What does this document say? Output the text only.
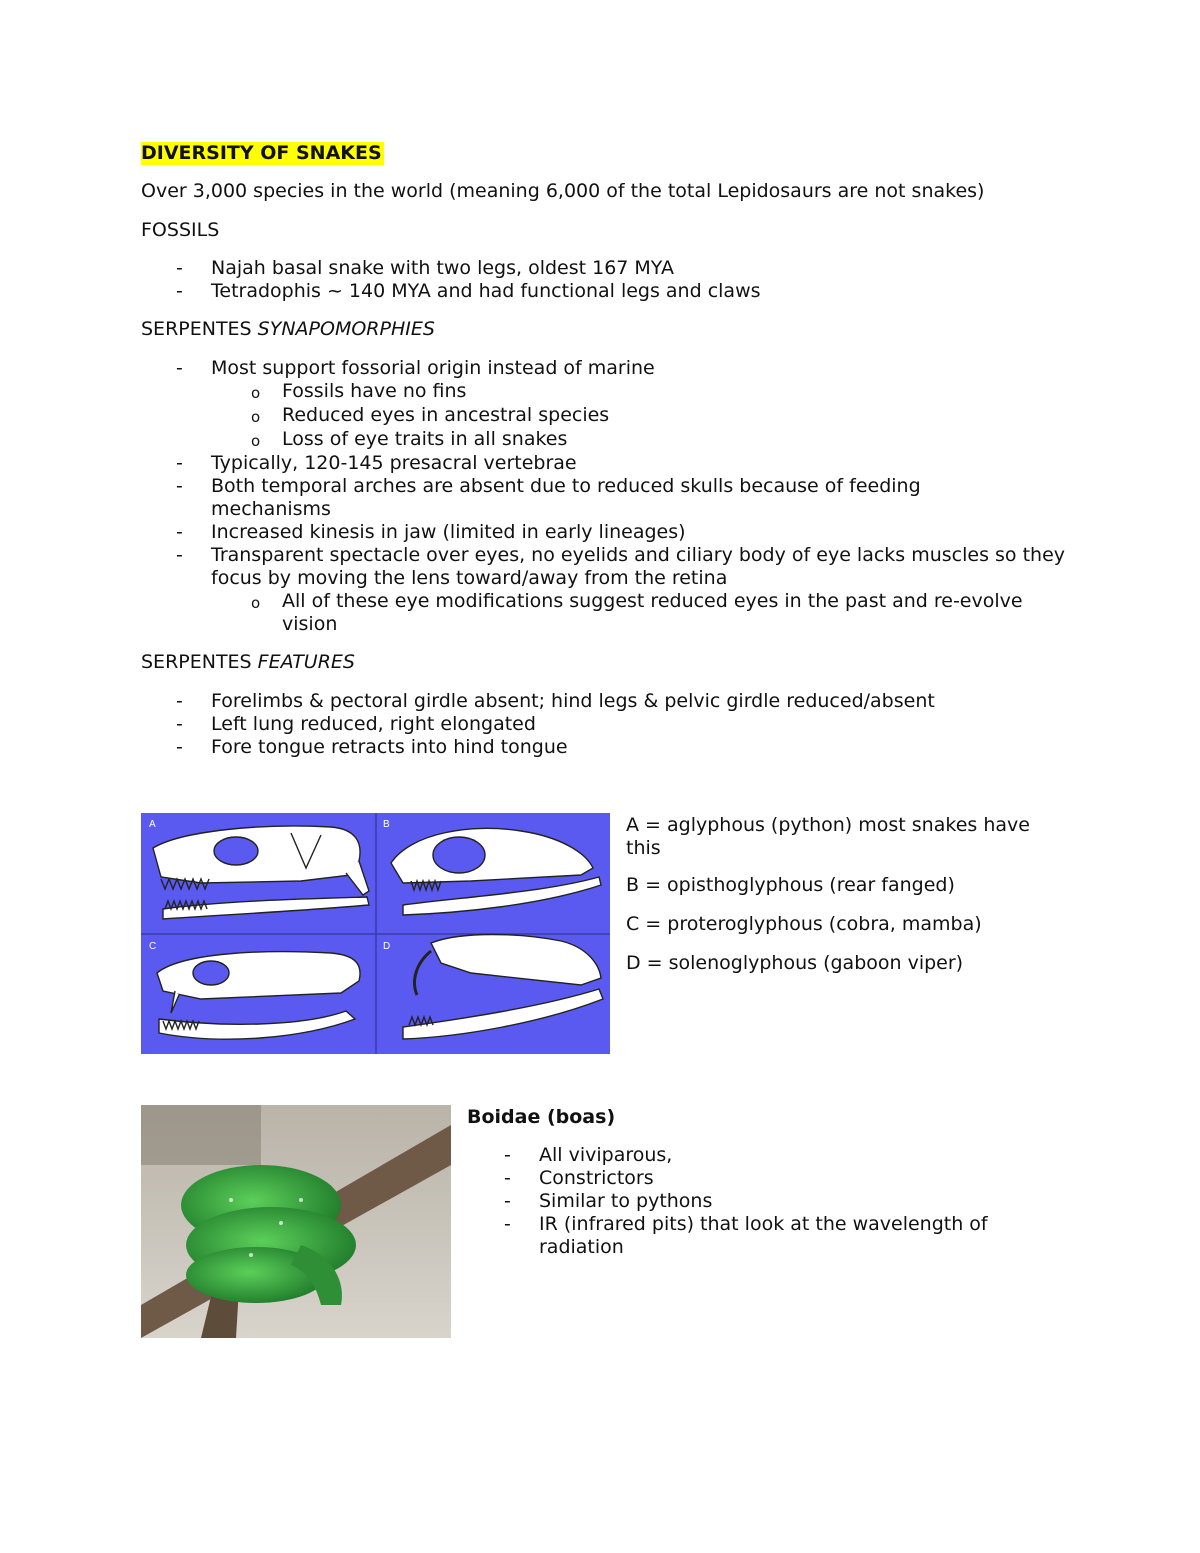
DIVERSITY OF SNAKES
Over 3,000 species in the world (meaning 6,000 of the total Lepidosaurs are not snakes)
FOSSILS
- Najah basal snake with two legs, oldest 167 MYA
- Tetradophis ~ 140 MYA and had functional legs and claws
SERPENTES SYNAPOMORPHIES
- Most support fossorial origin instead of marine
o Fossils have no fins
o Reduced eyes in ancestral species
o Loss of eye traits in all snakes
- Typically, 120-145 presacral vertebrae
- Both temporal arches are absent due to reduced skulls because of feeding mechanisms
- Increased kinesis in jaw (limited in early lineages)
- Transparent spectacle over eyes, no eyelids and ciliary body of eye lacks muscles so they focus by moving the lens toward/away from the retina
o All of these eye modifications suggest reduced eyes in the past and re-evolve vision
SERPENTES FEATURES
- Forelimbs & pectoral girdle absent; hind legs & pelvic girdle reduced/absent
- Left lung reduced, right elongated
- Fore tongue retracts into hind tongue
A	B
C	D
A = aglyphous (python) most snakes have this
B = opisthoglyphous (rear fanged)
C = proteroglyphous (cobra, mamba)
D = solenoglyphous (gaboon viper)
Boidae (boas)
- All viviparous,
- Constrictors
- Similar to pythons
- IR (infrared pits) that look at the wavelength of radiation
